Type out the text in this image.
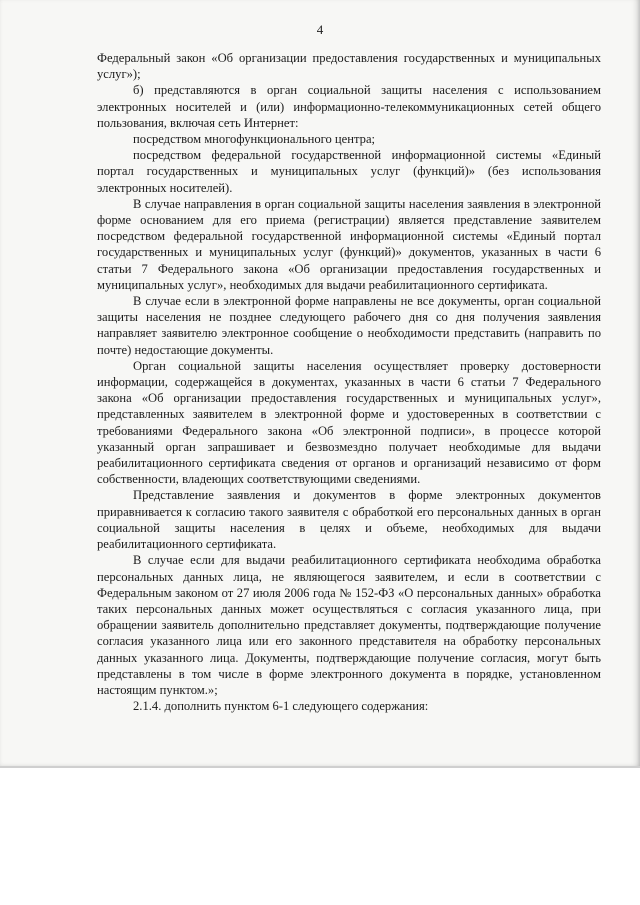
4

Федеральный закон «Об организации предоставления государственных и муниципальных услуг»);

б) представляются в орган социальной защиты населения с использованием электронных носителей и (или) информационно-телекоммуникационных сетей общего пользования, включая сеть Интернет:

посредством многофункционального центра;

посредством федеральной государственной информационной системы «Единый портал государственных и муниципальных услуг (функций)» (без использования электронных носителей).

В случае направления в орган социальной защиты населения заявления в электронной форме основанием для его приема (регистрации) является представление заявителем посредством федеральной государственной информационной системы «Единый портал государственных и муниципальных услуг (функций)» документов, указанных в части 6 статьи 7 Федерального закона «Об организации предоставления государственных и муниципальных услуг», необходимых для выдачи реабилитационного сертификата.

В случае если в электронной форме направлены не все документы, орган социальной защиты населения не позднее следующего рабочего дня со дня получения заявления направляет заявителю электронное сообщение о необходимости представить (направить по почте) недостающие документы.

Орган социальной защиты населения осуществляет проверку достоверности информации, содержащейся в документах, указанных в части 6 статьи 7 Федерального закона «Об организации предоставления государственных и муниципальных услуг», представленных заявителем в электронной форме и удостоверенных в соответствии с требованиями Федерального закона «Об электронной подписи», в процессе которой указанный орган запрашивает и безвозмездно получает необходимые для выдачи реабилитационного сертификата сведения от органов и организаций независимо от форм собственности, владеющих соответствующими сведениями.

Представление заявления и документов в форме электронных документов приравнивается к согласию такого заявителя с обработкой его персональных данных в орган социальной защиты населения в целях и объеме, необходимых для выдачи реабилитационного сертификата.

В случае если для выдачи реабилитационного сертификата необходима обработка персональных данных лица, не являющегося заявителем, и если в соответствии с Федеральным законом от 27 июля 2006 года № 152-ФЗ «О персональных данных» обработка таких персональных данных может осуществляться с согласия указанного лица, при обращении заявитель дополнительно представляет документы, подтверждающие получение согласия указанного лица или его законного представителя на обработку персональных данных указанного лица. Документы, подтверждающие получение согласия, могут быть представлены в том числе в форме электронного документа в порядке, установленном настоящим пунктом.»;

2.1.4. дополнить пунктом 6-1 следующего содержания:
